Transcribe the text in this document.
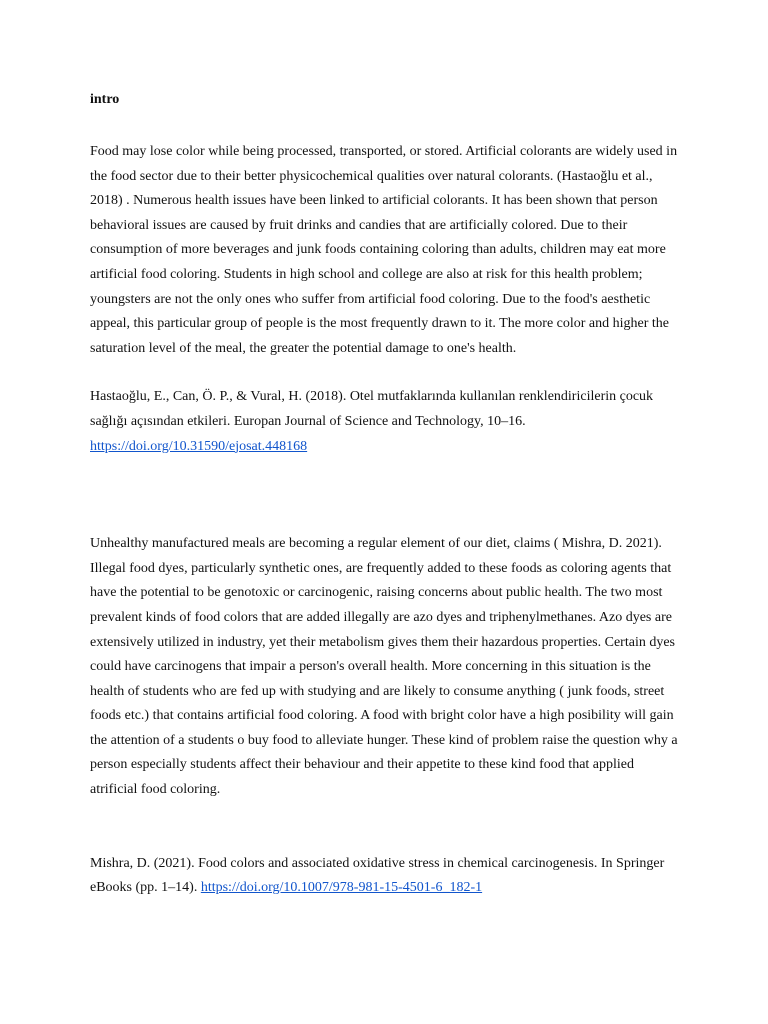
intro

Food may lose color while being processed, transported, or stored. Artificial colorants are widely used in the food sector due to their better physicochemical qualities over natural colorants. (Hastaoğlu et al., 2018) . Numerous health issues have been linked to artificial colorants. It has been shown that person behavioral issues are caused by fruit drinks and candies that are artificially colored. Due to their consumption of more beverages and junk foods containing coloring than adults, children may eat more artificial food coloring. Students in high school and college are also at risk for this health problem; youngsters are not the only ones who suffer from artificial food coloring. Due to the food's aesthetic appeal, this particular group of people is the most frequently drawn to it. The more color and higher the saturation level of the meal, the greater the potential damage to one's health.

Hastaoğlu, E., Can, Ö. P., & Vural, H. (2018). Otel mutfaklarında kullanılan renklendiricilerin çocuk sağlığı açısından etkileri. Europan Journal of Science and Technology, 10–16. https://doi.org/10.31590/ejosat.448168

Unhealthy manufactured meals are becoming a regular element of our diet, claims ( Mishra, D. 2021). Illegal food dyes, particularly synthetic ones, are frequently added to these foods as coloring agents that have the potential to be genotoxic or carcinogenic, raising concerns about public health. The two most prevalent kinds of food colors that are added illegally are azo dyes and triphenylmethanes. Azo dyes are extensively utilized in industry, yet their metabolism gives them their hazardous properties. Certain dyes could have carcinogens that impair a person's overall health. More concerning in this situation is the health of students who are fed up with studying and are likely to consume anything ( junk foods, street foods etc.) that contains artificial food coloring. A food with bright color have a high posibility will gain the attention of a students o buy food to alleviate hunger. These kind of problem raise the question why a person especially students affect their behaviour and their appetite to these kind food that applied atrificial food coloring.

Mishra, D. (2021). Food colors and associated oxidative stress in chemical carcinogenesis. In Springer eBooks (pp. 1–14). https://doi.org/10.1007/978-981-15-4501-6_182-1
